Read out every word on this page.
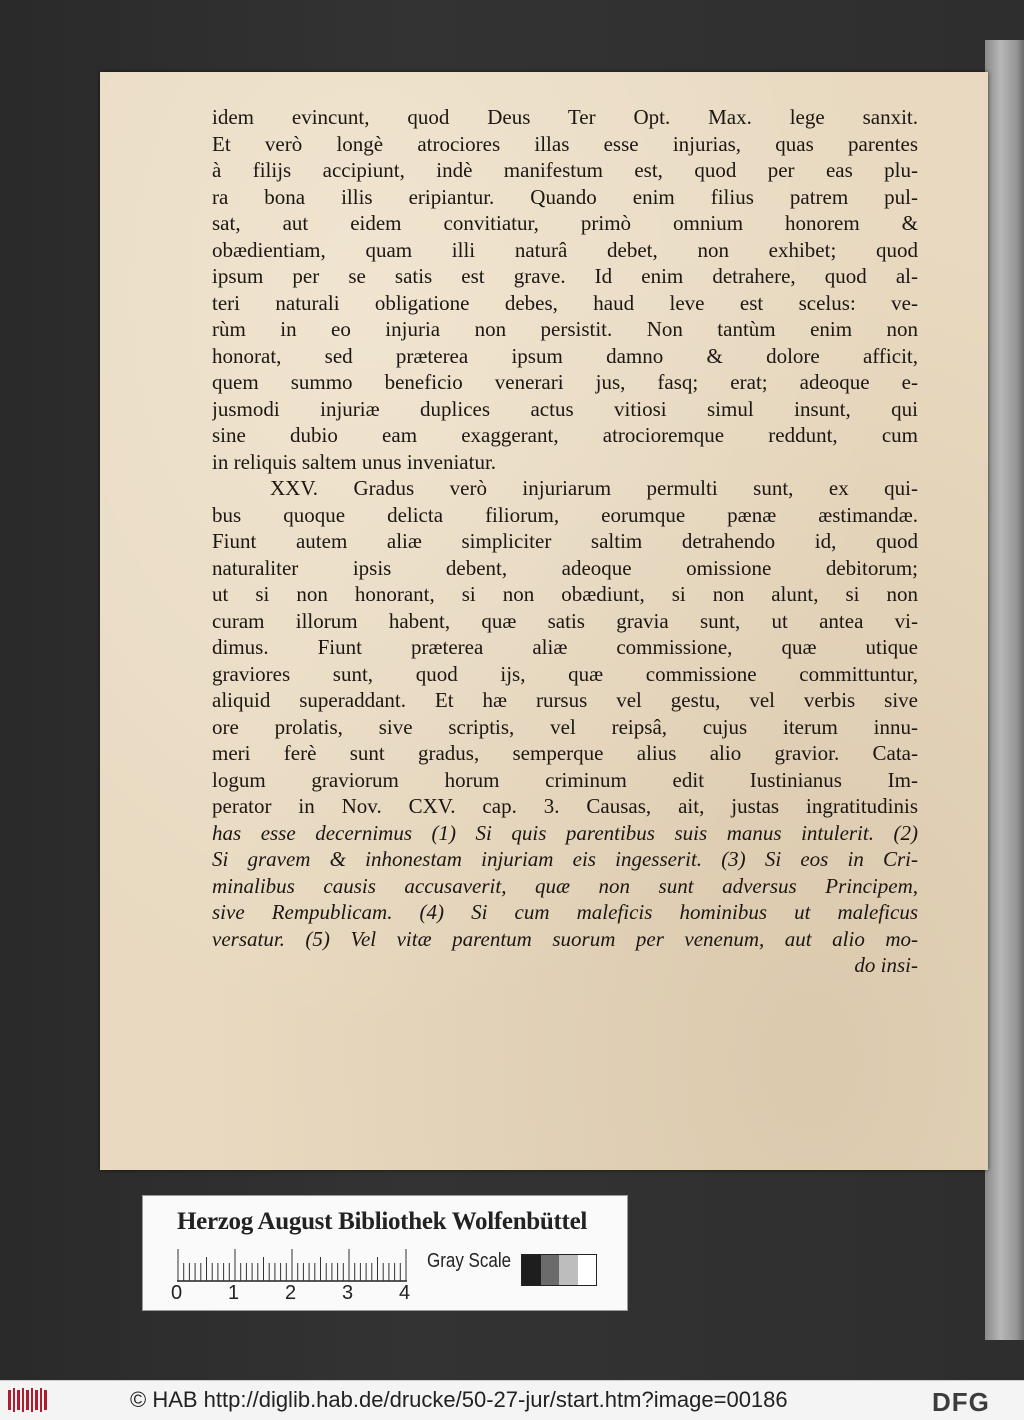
idem evincunt, quod Deus Ter Opt. Max. lege sanxit.
Et verò longè atrociores illas esse injurias, quas parentes
à filijs accipiunt, indè manifestum est, quod per eas plu-
ra bona illis eripiantur. Quando enim filius patrem pul-
sat, aut eidem convitiatur, primò omnium honorem &
obædientiam, quam illi naturâ debet, non exhibet; quod
ipsum per se satis est grave. Id enim detrahere, quod al-
teri naturali obligatione debes, haud leve est scelus: ve-
rùm in eo injuria non persistit. Non tantùm enim non
honorat, sed præterea ipsum damno & dolore afficit,
quem summo beneficio venerari jus, fasq; erat; adeoque e-
jusmodi injuriæ duplices actus vitiosi simul insunt, qui
sine dubio eam exaggerant, atrocioremque reddunt, cum
in reliquis saltem unus inveniatur.
XXV. Gradus verò injuriarum permulti sunt, ex qui-
bus quoque delicta filiorum, eorumque pænæ æstimandæ.
Fiunt autem aliæ simpliciter saltim detrahendo id, quod
naturaliter ipsis debent, adeoque omissione debitorum;
ut si non honorant, si non obædiunt, si non alunt, si non
curam illorum habent, quæ satis gravia sunt, ut antea vi-
dimus. Fiunt præterea aliæ commissione, quæ utique
graviores sunt, quod ijs, quæ commissione committuntur,
aliquid superaddant. Et hæ rursus vel gestu, vel verbis sive
ore prolatis, sive scriptis, vel reipsâ, cujus iterum innu-
meri ferè sunt gradus, semperque alius alio gravior. Cata-
logum graviorum horum criminum edit Iustinianus Im-
perator in Nov. CXV. cap. 3. Causas, ait, justas ingratitudinis
has esse decernimus (1) Si quis parentibus suis manus intulerit. (2)
Si gravem & inhonestam injuriam eis ingesserit. (3) Si eos in Cri-
minalibus causis accusaverit, quæ non sunt adversus Principem,
sive Rempublicam. (4) Si cum maleficis hominibus ut maleficus
versatur. (5) Vel vitæ parentum suorum per venenum, aut alio mo-
do insi-
Herzog August Bibliothek Wolfenbüttel
0 1 2 3 4
Gray Scale
© HAB http://diglib.hab.de/drucke/50-27-jur/start.htm?image=00186	DFG
